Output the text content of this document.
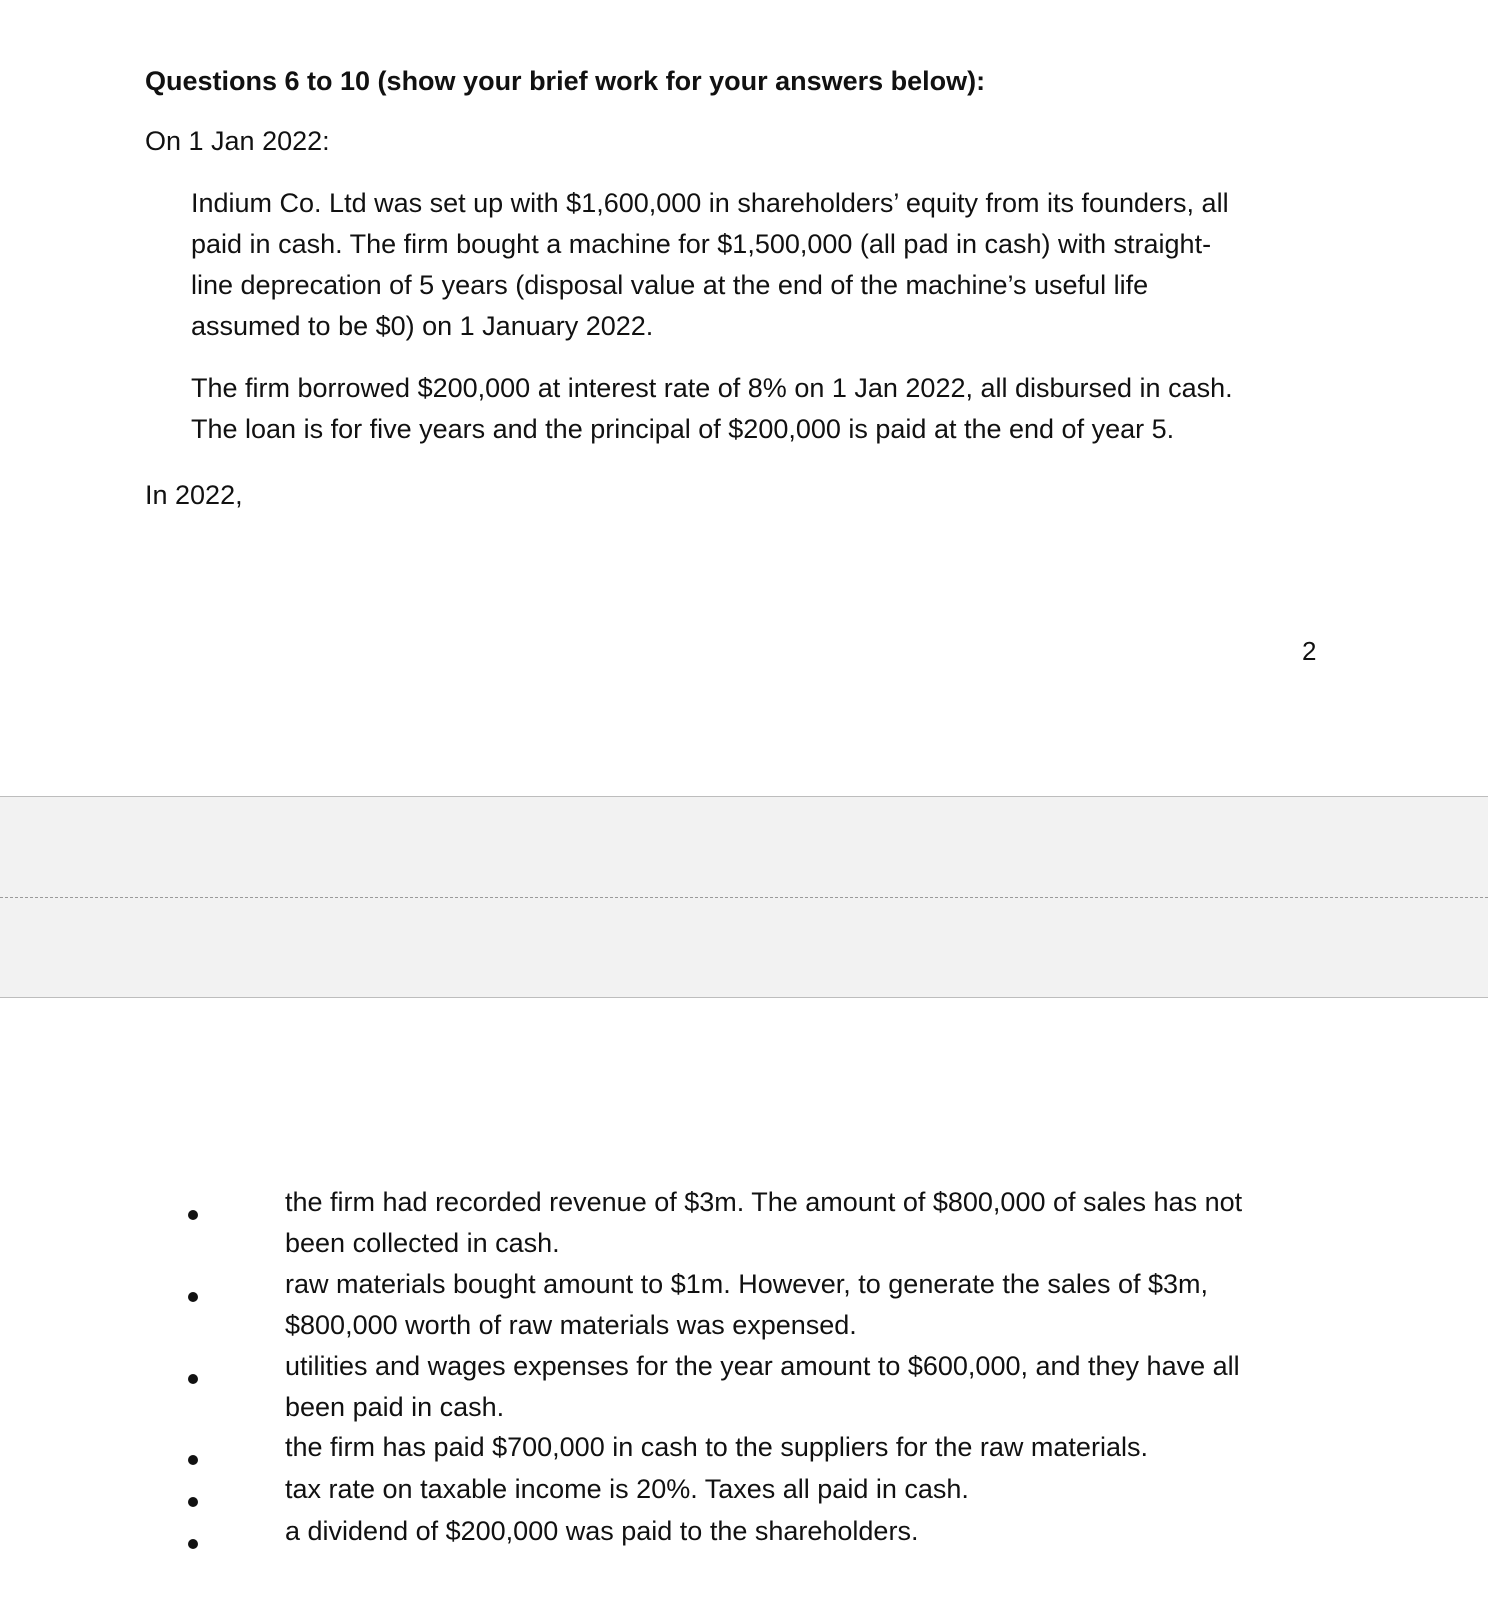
Questions 6 to 10 (show your brief work for your answers below):

On 1 Jan 2022:

Indium Co. Ltd was set up with $1,600,000 in shareholders’ equity from its founders, all
paid in cash. The firm bought a machine for $1,500,000 (all pad in cash) with straight-
line deprecation of 5 years (disposal value at the end of the machine’s useful life
assumed to be $0) on 1 January 2022.

The firm borrowed $200,000 at interest rate of 8% on 1 Jan 2022, all disbursed in cash.
The loan is for five years and the principal of $200,000 is paid at the end of year 5.

In 2022,

2

the firm had recorded revenue of $3m. The amount of $800,000 of sales has not
been collected in cash.

raw materials bought amount to $1m. However, to generate the sales of $3m,
$800,000 worth of raw materials was expensed.

utilities and wages expenses for the year amount to $600,000, and they have all
been paid in cash.

the firm has paid $700,000 in cash to the suppliers for the raw materials.

tax rate on taxable income is 20%. Taxes all paid in cash.

a dividend of $200,000 was paid to the shareholders.
